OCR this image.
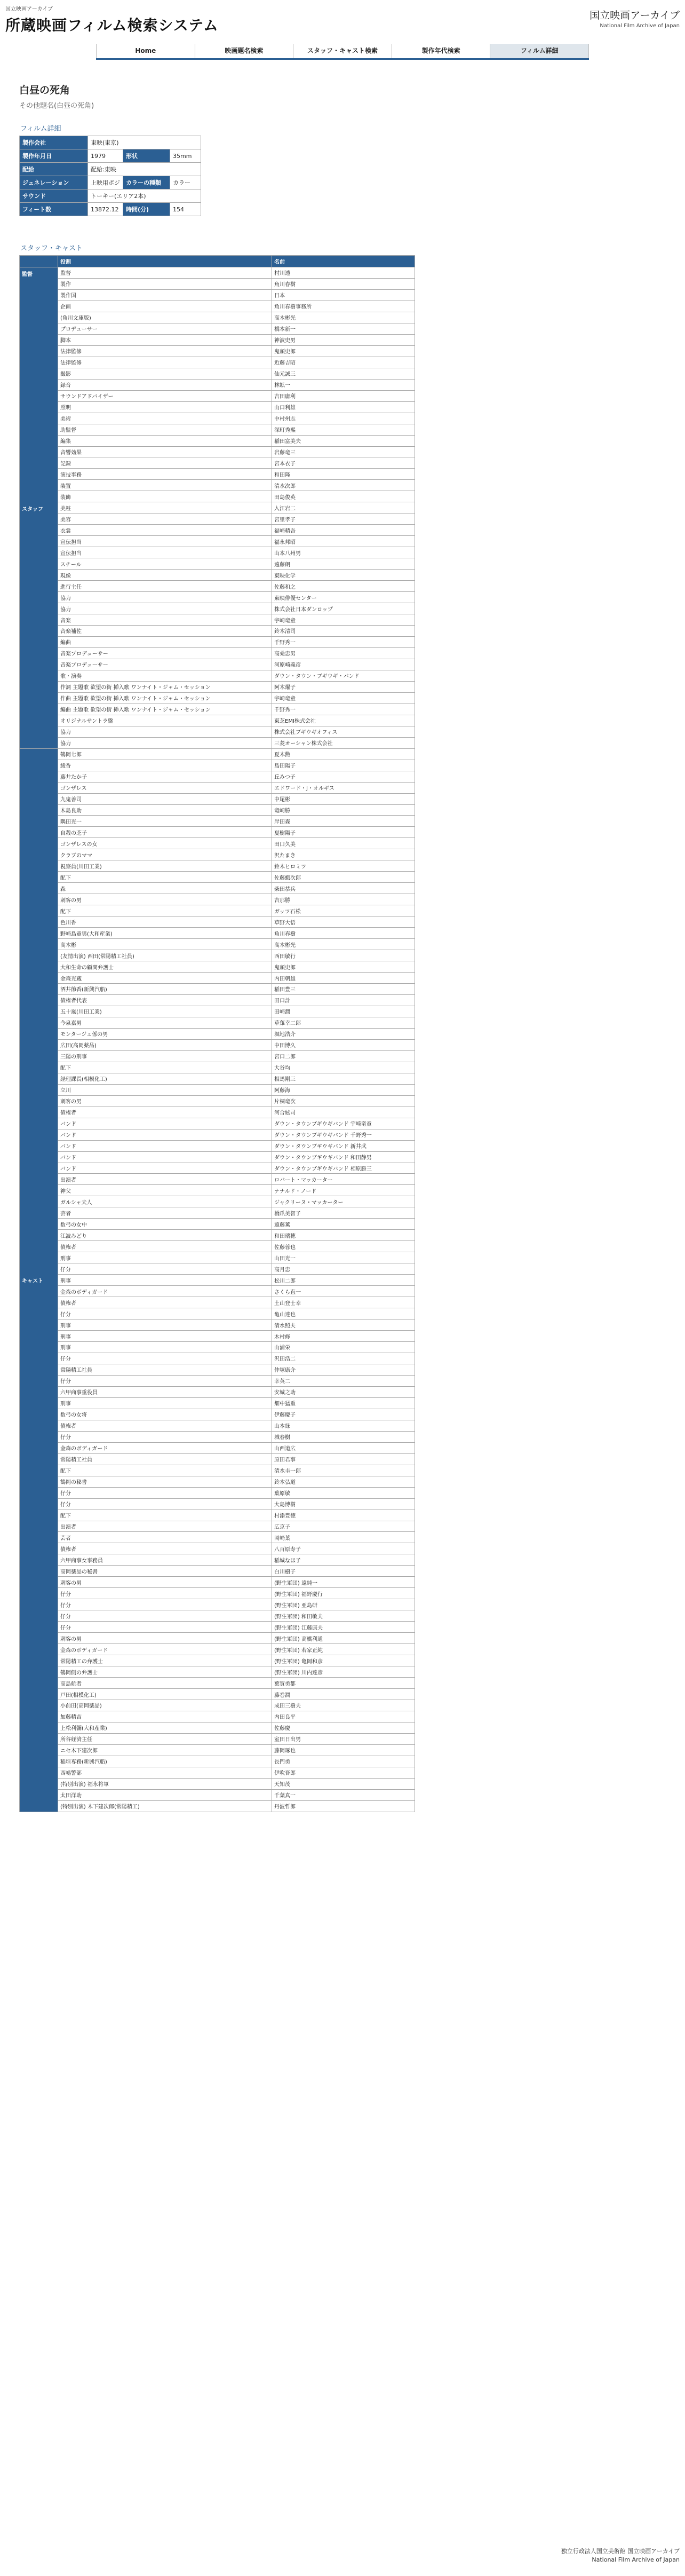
国立映画アーカイブ
所蔵映画フィルム検索システム
国立映画アーカイブ
National Film Archive of Japan
Home	映画題名検索	スタッフ・キャスト検索	製作年代検索	フィルム詳細
白昼の死角
その他題名(白昼の死角)
フィルム詳細
製作会社	東映(東京)		
製作年月日	1979	形状	35mm
配給	配給:東映		
ジェネレーション	上映用ポジ	カラーの種類	カラー
サウンド	トーキー(エリア2本)		
フィート数	13872.12	時間(分)	154
スタッフ・キャスト
	役割	名前

監督
スタッフ	監督	村川透
	製作	角川春樹
	製作国	日本
	企画	角川春樹事務所
	(角川文庫版)	高木彬光
	プロデューサー	橋本新一
	脚本	神波史男
	法律監修	鬼頭史郎
	法律監修	近藤吉昭
	撮影	仙元誠三
	録音	林鉱一
	サウンドアドバイザー	吉田庸利
	照明	山口利雄
	美術	中村州志
	助監督	深町秀熙
	編集	稲田富美夫
	音響効果	岩藤竜三
	記録	宮本衣子
	演技事務	和田隆
	装置	清水次郎
	装飾	田島俊英
	美粧	入江岩二
	美容	宮里孝子
	衣裳	福崎精吾
	宣伝担当	福永邦昭
	宣伝担当	山本八州男
	スチール	遠藤朗
	現像	東映化学
	進行主任	佐藤和之
	協力	東映俳優センター
	協力	株式会社日本ダンロップ
	音楽	宇崎竜童
	音楽補佐	鈴木清司
	編曲	千野秀一
	音楽プロデューサー	高桑忠男
	音楽プロデューサー	河原崎義彦
	歌・演奏	ダウン・タウン・ブギウギ・バンド
	作詞 主題歌 欲望の街 挿入歌 ワンナイト・ジャム・セッション	阿木燿子
	作曲 主題歌 欲望の街 挿入歌 ワンナイト・ジャム・セッション	宇崎竜童
	編曲 主題歌 欲望の街 挿入歌 ワンナイト・ジャム・セッション	千野秀一
	オリジナルサントラ盤	東芝EMI株式会社
	協力	株式会社ブギウギオフィス
	協力	三菱オーシャン株式会社
キャスト	鶴岡七郎	夏木勲
	綾香	島田陽子
	藤井たか子	丘みつ子
	ゴンザレス	エドワード・J・オルギス
	九鬼善司	中尾彬
	木島良助	竜崎勝
	隅田光一	岸田森
	自殺の芝子	夏樹陽子
	ゴンザレスの女	田口久美
	クラブのママ	沢たまき
	視察員(川田工業)	鈴木ヒロミツ
	配下	佐藤蛾次郎
	森	柴田恭兵
	刺客の男	吉那勝
	配下	ガッツ石松
	色川香	草野大悟
	野崎島童男(大和産業)	角川春樹
	高木彬	高木彬光
	(友情出演) 西田(常陽精工社員)	西田敏行
	大和生命の顧問弁護士	鬼頭史郎
	金森光蔵	内田朝雄
	酒井節香(新興汽船)	稲田豊三
	債権者代表	田口計
	五十嵐(川田工業)	田崎潤
	今泉嘉男	草薙幸二郎
	モンタージュ係の男	堀地浩介
	広田(高岡薬品)	中田博久
	三陽の刑事	宮口二郎
	配下	大谷均
	経理課長(相模化工)	相馬剛三
	立川	阿藤海
	刺客の男	片桐竜次
	債権者	河合絃司
	バンド	ダウン・タウンブギウギバンド 宇崎竜童
	バンド	ダウン・タウンブギウギバンド 千野秀一
	バンド	ダウン・タウンブギウギバンド 新井武
	バンド	ダウン・タウンブギウギバンド 和田静男
	バンド	ダウン・タウンブギウギバンド 相原勝三
	出演者	ロバート・マッカーター
	神父	ナナルド・ノード
	ガルシャ夫人	ジャクリーヌ・マッカーター
	芸者	橋爪美智子
	数弓の女中	遠藤薫
	江波みどり	和田瑞穂
	債権者	佐藤蓉也
	刑事	山田光一
	仔分	高月忠
	刑事	松川二郎
	金森のボディガード	さくら直一
	債権者	土山登士幸
	仔分	亀山達也
	刑事	清水照夫
	刑事	木村修
	刑事	山浦栄
	仔分	沢田浩二
	常陽精工社員	仲塚康介
	仔分	幸英二
	六甲商事重役員	安城之助
	刑事	畑中猛重
	数弓の女将	伊藤慶子
	債権者	山本緑
	仔分	城春樹
	金森のボディガード	山西道広
	常陽精工社員	原田君事
	配下	清水圭一郎
	鶴岡の秘書	鈴木弘道
	仔分	葉原敏
	仔分	大島博樹
	配下	村添豊徳
	出演者	広京子
	芸者	岡崎葉
	債権者	八百原寿子
	六甲商事女事務員	稲城なほ子
	高岡薬品の秘書	白川樹子
	刺客の男	(野生軍団) 遠純一
	仔分	(野生軍団) 福野慶行
	仔分	(野生軍団) 亜島研
	仔分	(野生軍団) 和田敏夫
	仔分	(野生軍団) 江藤康夫
	刺客の男	(野生軍団) 高橋利通
	金森のボディガード	(野生軍団) 若家正純
	常陽精工の弁護士	(野生軍団) 亀岡和彦
	鶴岡側の弁護士	(野生軍団) 川内達彦
	高島航者	葉賀勇都
	戸田(相模化工)	藤巻潤
	小前田(高岡薬品)	成田三樹夫
	加藤精吉	内田良平
	上松利彌(大和産業)	佐藤慶
	所谷経済主任	室田日出男
	ニセ木下建次郎	藤岡琢也
	稲垣専務(新興汽船)	長門勇
	西嶋警部	伊吹吾郎
	(特別出演) 福永将軍	天知茂
	太田洋助	千葉真一
	(特別出演) 木下建次郎(常陽精工)	丹波哲郎
独立行政法人国立美術館 国立映画アーカイブ
National Film Archive of Japan
